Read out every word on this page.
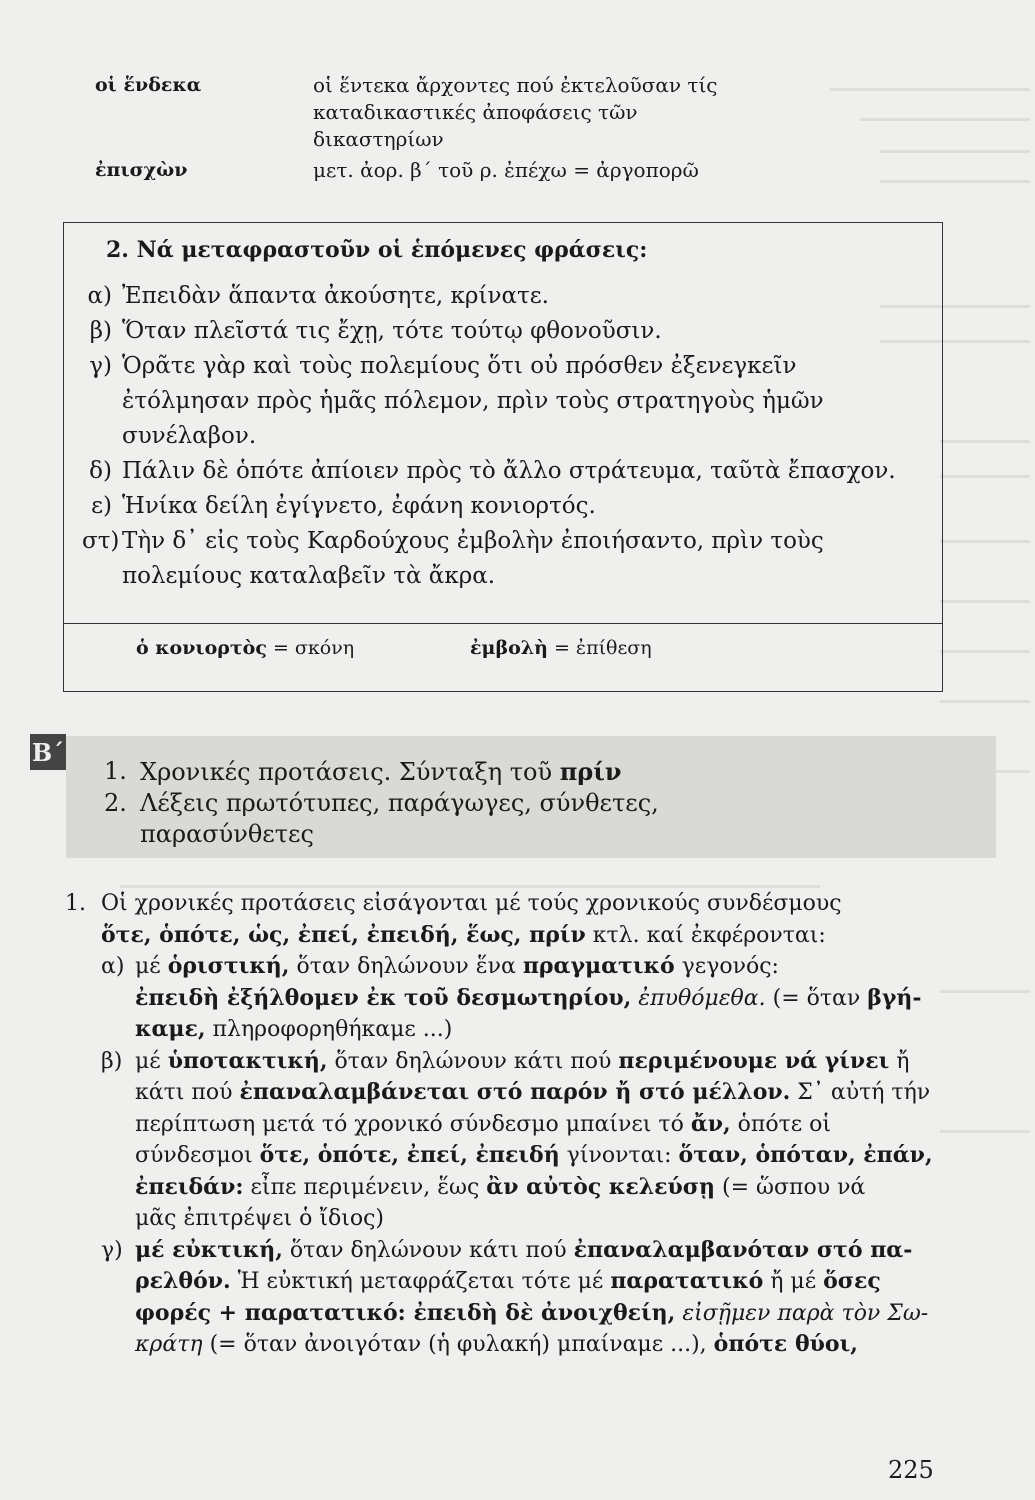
οἱ ἕνδεκα	οἱ ἕντεκα ἄρχοντες πού ἐκτελοῦσαν τίς καταδικαστικές ἀποφάσεις τῶν δικαστηρίων
ἐπισχὼν	μετ. ἀορ. β΄ τοῦ ρ. ἐπέχω = ἀργοπορῶ
2. Νά μεταφραστοῦν οἱ ἑπόμενες φράσεις:
α) Ἐπειδὰν ἅπαντα ἀκούσητε, κρίνατε.
β) Ὅταν πλεῖστά τις ἔχῃ, τότε τούτῳ φθονοῦσιν.
γ) Ὁρᾶτε γὰρ καὶ τοὺς πολεμίους ὅτι οὐ πρόσθεν ἐξενεγκεῖν ἐτόλμησαν πρὸς ἡμᾶς πόλεμον, πρὶν τοὺς στρατηγοὺς ἡμῶν συνέλαβον.
δ) Πάλιν δὲ ὁπότε ἀπίοιεν πρὸς τὸ ἄλλο στράτευμα, ταῦτὰ ἔπασχον.
ε) Ἡνίκα δείλη ἐγίγνετο, ἐφάνη κονιορτός.
στ) Τὴν δ᾿ εἰς τοὺς Καρδούχους ἐμβολὴν ἐποιήσαντο, πρὶν τοὺς πολεμίους καταλαβεῖν τὰ ἄκρα.
ὁ κονιορτὸς = σκόνη	ἐμβολὴ = ἐπίθεση
Β΄
1. Χρονικές προτάσεις. Σύνταξη τοῦ πρίν
2. Λέξεις πρωτότυπες, παράγωγες, σύνθετες, παρασύνθετες
1. Οἱ χρονικές προτάσεις εἰσάγονται μέ τούς χρονικούς συνδέσμους
ὅτε, ὁπότε, ὡς, ἐπεί, ἐπειδή, ἕως, πρίν κτλ. καί ἐκφέρονται:
α) μέ ὁριστική, ὅταν δηλώνουν ἕνα πραγματικό γεγονός:
ἐπειδὴ ἐξήλθομεν ἐκ τοῦ δεσμωτηρίου, ἐπυθόμεθα. (= ὅταν βγή-
καμε, πληροφορηθήκαμε ...)
β) μέ ὑποτακτική, ὅταν δηλώνουν κάτι πού περιμένουμε νά γίνει ἤ
κάτι πού ἐπαναλαμβάνεται στό παρόν ἤ στό μέλλον. Σ᾿ αὐτή τήν
περίπτωση μετά τό χρονικό σύνδεσμο μπαίνει τό ἄν, ὁπότε οἱ
σύνδεσμοι ὅτε, ὁπότε, ἐπεί, ἐπειδή γίνονται: ὅταν, ὁπόταν, ἐπάν,
ἐπειδάν: εἶπε περιμένειν, ἕως ἂν αὐτὸς κελεύσῃ (= ὥσπου νά
μᾶς ἐπιτρέψει ὁ ἴδιος)
γ) μέ εὐκτική, ὅταν δηλώνουν κάτι πού ἐπαναλαμβανόταν στό πα-
ρελθόν. Ἡ εὐκτική μεταφράζεται τότε μέ παρατατικό ἤ μέ ὅσες
φορές + παρατατικό: ἐπειδὴ δὲ ἀνοιχθείη, εἰσῇμεν παρὰ τὸν Σω-
κράτη (= ὅταν ἀνοιγόταν (ἡ φυλακή) μπαίναμε ...), ὁπότε θύοι,
225
